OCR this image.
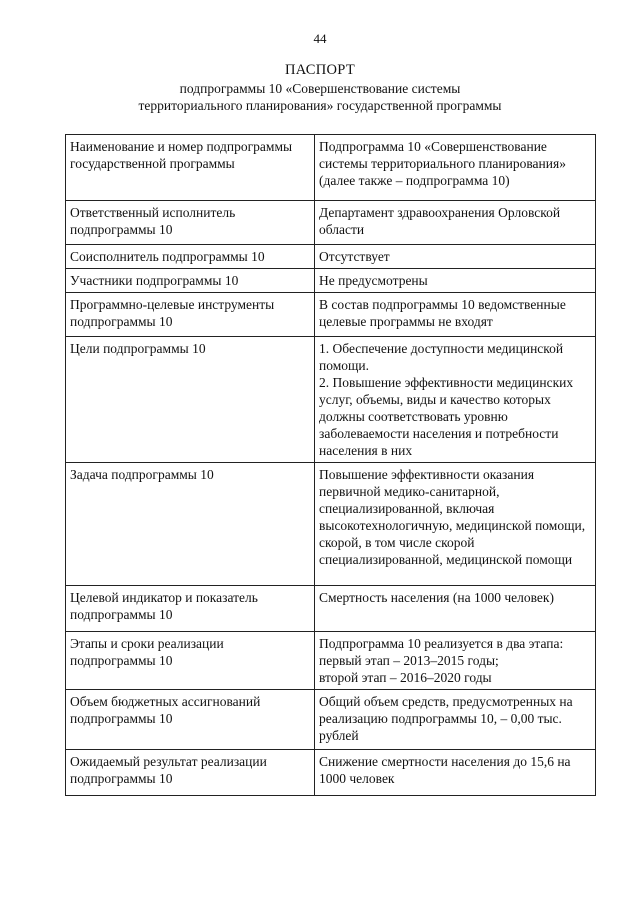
44
ПАСПОРТ
подпрограммы 10 «Совершенствование системы
территориального планирования» государственной программы
Наименование и номер подпрограммы государственной программы	Подпрограмма 10 «Совершенствование системы территориального планирования» (далее также – подпрограмма 10)
Ответственный исполнитель подпрограммы 10	Департамент здравоохранения Орловской области
Соисполнитель подпрограммы 10	Отсутствует
Участники подпрограммы 10	Не предусмотрены
Программно-целевые инструменты подпрограммы 10	В состав подпрограммы 10 ведомственные целевые программы не входят
Цели подпрограммы 10	1. Обеспечение доступности медицинской помощи.
2. Повышение эффективности медицинских услуг, объемы, виды и качество которых должны соответствовать уровню заболеваемости населения и потребности населения в них
Задача подпрограммы 10	Повышение эффективности оказания первичной медико-санитарной, специализированной, включая высокотехнологичную, медицинской помощи, скорой, в том числе скорой специализированной, медицинской помощи
Целевой индикатор и показатель подпрограммы 10	Смертность населения (на 1000 человек)
Этапы и сроки реализации подпрограммы 10	Подпрограмма 10 реализуется в два этапа:
первый этап – 2013–2015 годы;
второй этап – 2016–2020 годы
Объем бюджетных ассигнований подпрограммы 10	Общий объем средств, предусмотренных на реализацию подпрограммы 10, – 0,00 тыс. рублей
Ожидаемый результат реализации подпрограммы 10	Снижение смертности населения до 15,6 на 1000 человек
